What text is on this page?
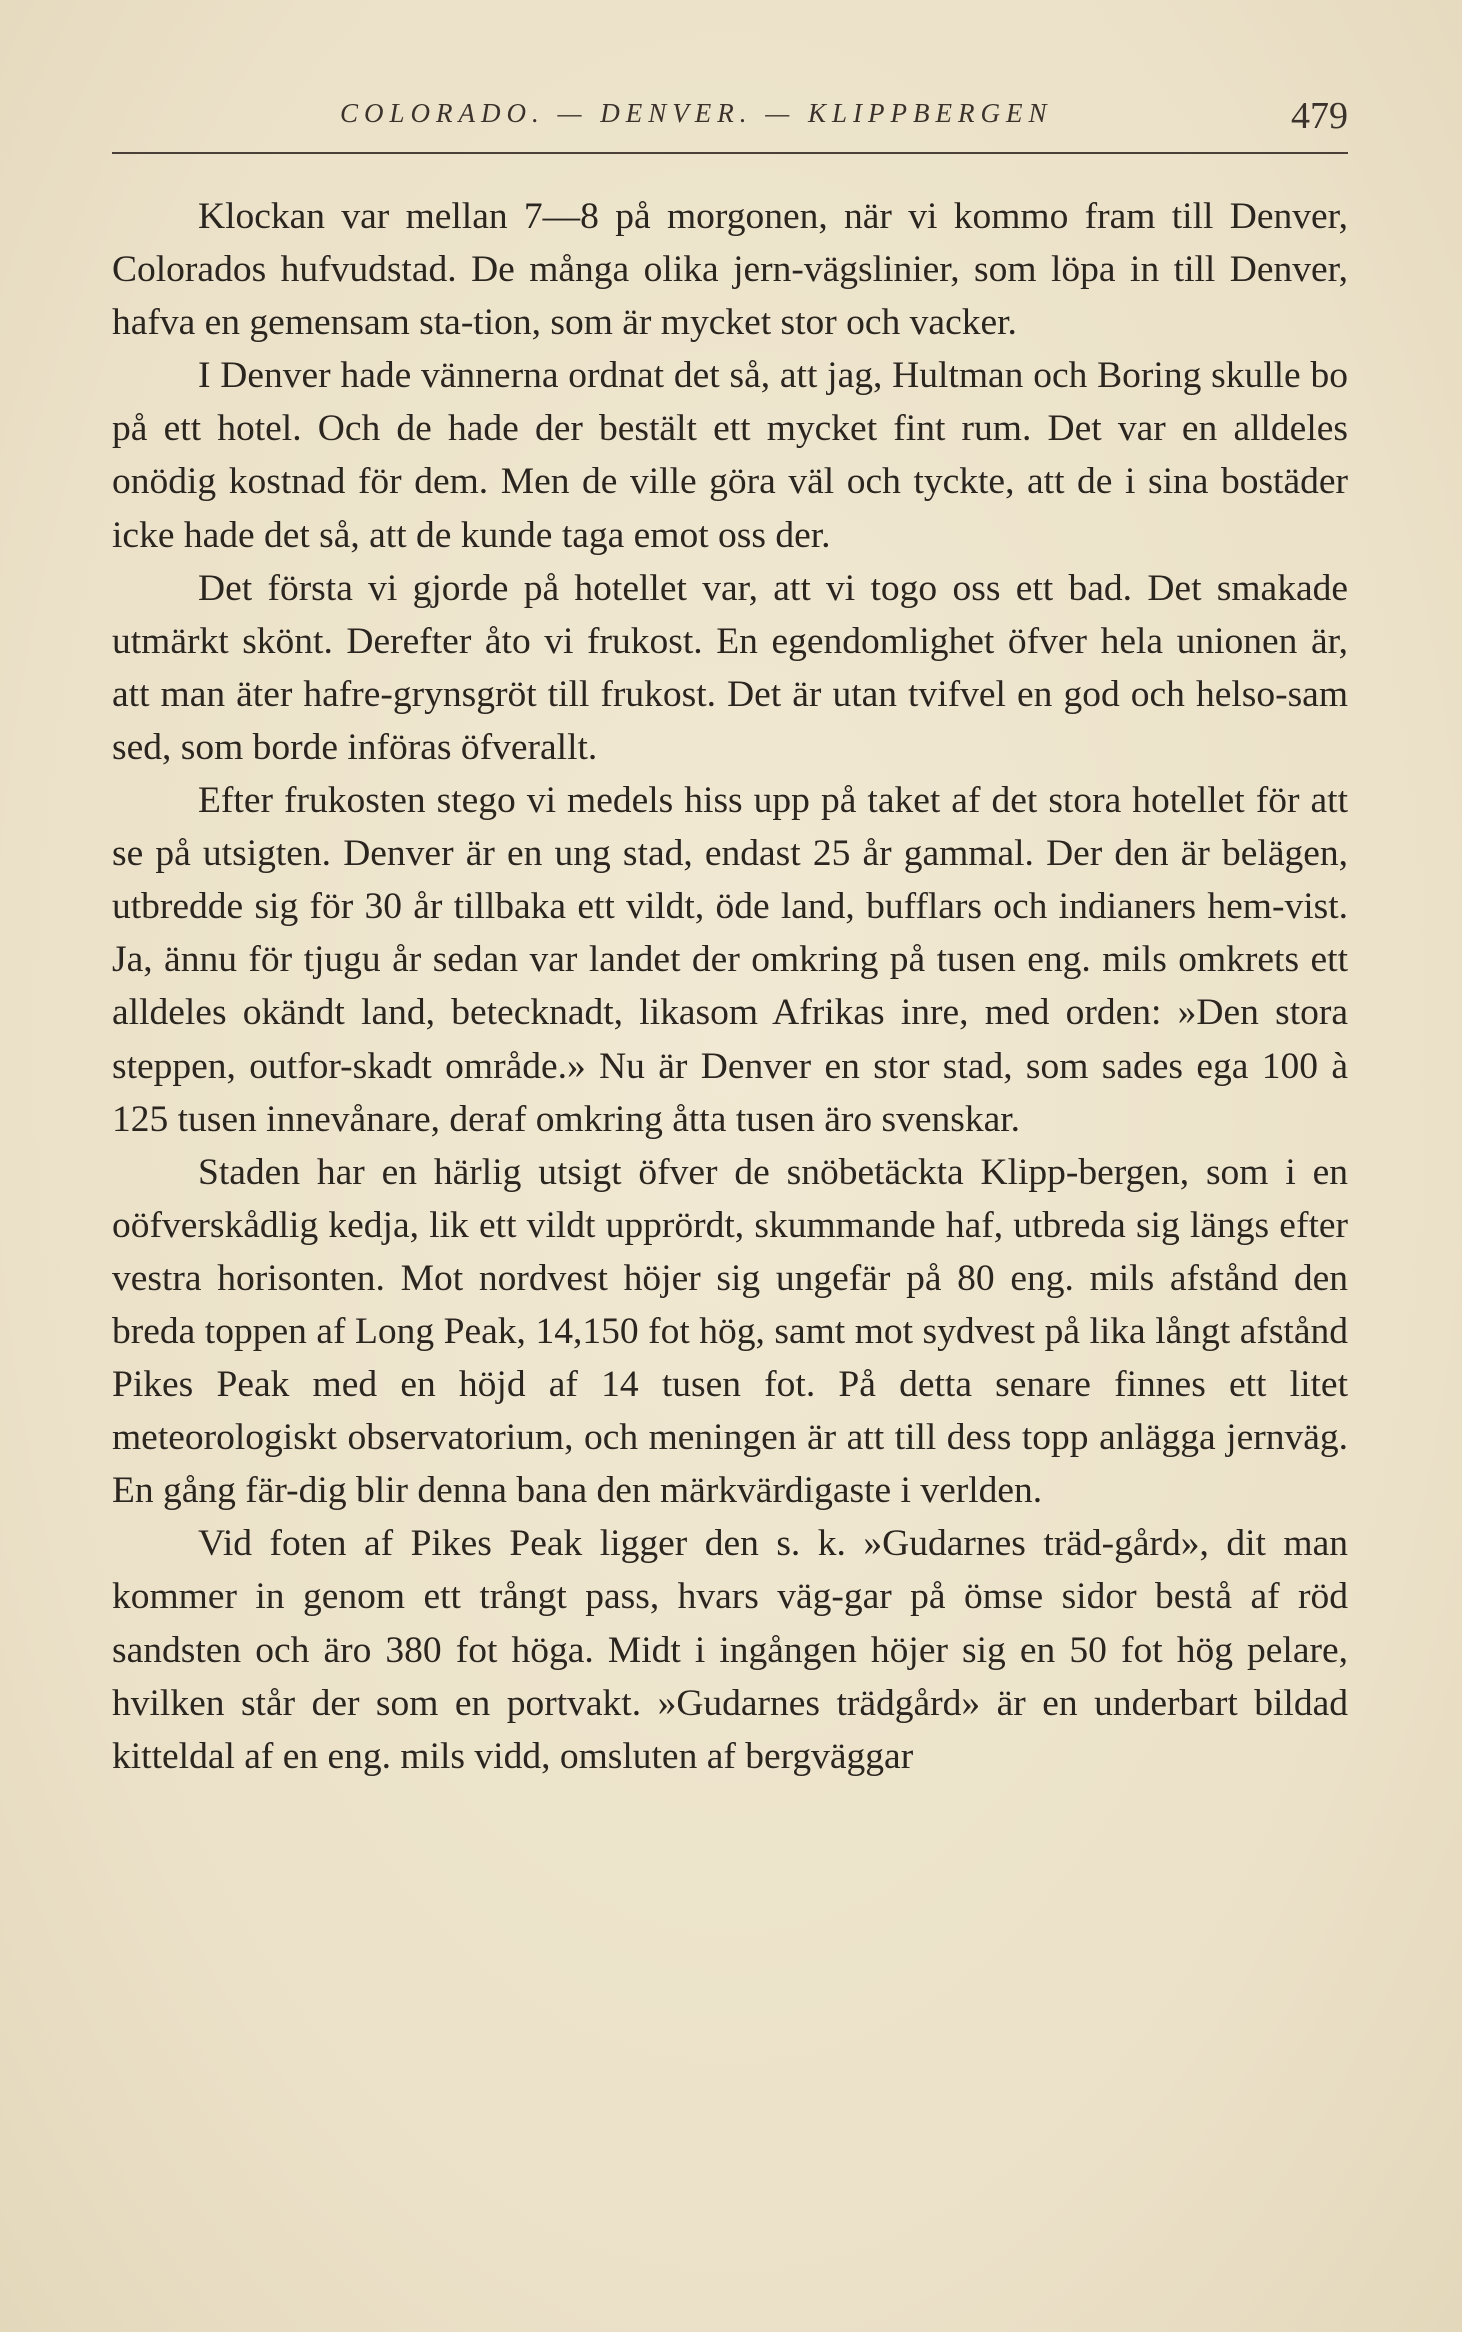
COLORADO. — DENVER. — KLIPPBERGEN	479

Klockan var mellan 7—8 på morgonen, när vi kommo fram till Denver, Colorados hufvudstad. De många olika jern-vägslinier, som löpa in till Denver, hafva en gemensam sta-tion, som är mycket stor och vacker.

I Denver hade vännerna ordnat det så, att jag, Hultman och Boring skulle bo på ett hotel. Och de hade der bestält ett mycket fint rum. Det var en alldeles onödig kostnad för dem. Men de ville göra väl och tyckte, att de i sina bostäder icke hade det så, att de kunde taga emot oss der.

Det första vi gjorde på hotellet var, att vi togo oss ett bad. Det smakade utmärkt skönt. Derefter åto vi frukost. En egendomlighet öfver hela unionen är, att man äter hafre-grynsgröt till frukost. Det är utan tvifvel en god och helso-sam sed, som borde införas öfverallt.

Efter frukosten stego vi medels hiss upp på taket af det stora hotellet för att se på utsigten. Denver är en ung stad, endast 25 år gammal. Der den är belägen, utbredde sig för 30 år tillbaka ett vildt, öde land, bufflars och indianers hem-vist. Ja, ännu för tjugu år sedan var landet der omkring på tusen eng. mils omkrets ett alldeles okändt land, betecknadt, likasom Afrikas inre, med orden: »Den stora steppen, outfor-skadt område.» Nu är Denver en stor stad, som sades ega 100 à 125 tusen innevånare, deraf omkring åtta tusen äro svenskar.

Staden har en härlig utsigt öfver de snöbetäckta Klipp-bergen, som i en oöfverskådlig kedja, lik ett vildt upprördt, skummande haf, utbreda sig längs efter vestra horisonten. Mot nordvest höjer sig ungefär på 80 eng. mils afstånd den breda toppen af Long Peak, 14,150 fot hög, samt mot sydvest på lika långt afstånd Pikes Peak med en höjd af 14 tusen fot. På detta senare finnes ett litet meteorologiskt observatorium, och meningen är att till dess topp anlägga jernväg. En gång fär-dig blir denna bana den märkvärdigaste i verlden.

Vid foten af Pikes Peak ligger den s. k. »Gudarnes träd-gård», dit man kommer in genom ett trångt pass, hvars väg-gar på ömse sidor bestå af röd sandsten och äro 380 fot höga. Midt i ingången höjer sig en 50 fot hög pelare, hvilken står der som en portvakt. »Gudarnes trädgård» är en underbart bildad kitteldal af en eng. mils vidd, omsluten af bergväggar
